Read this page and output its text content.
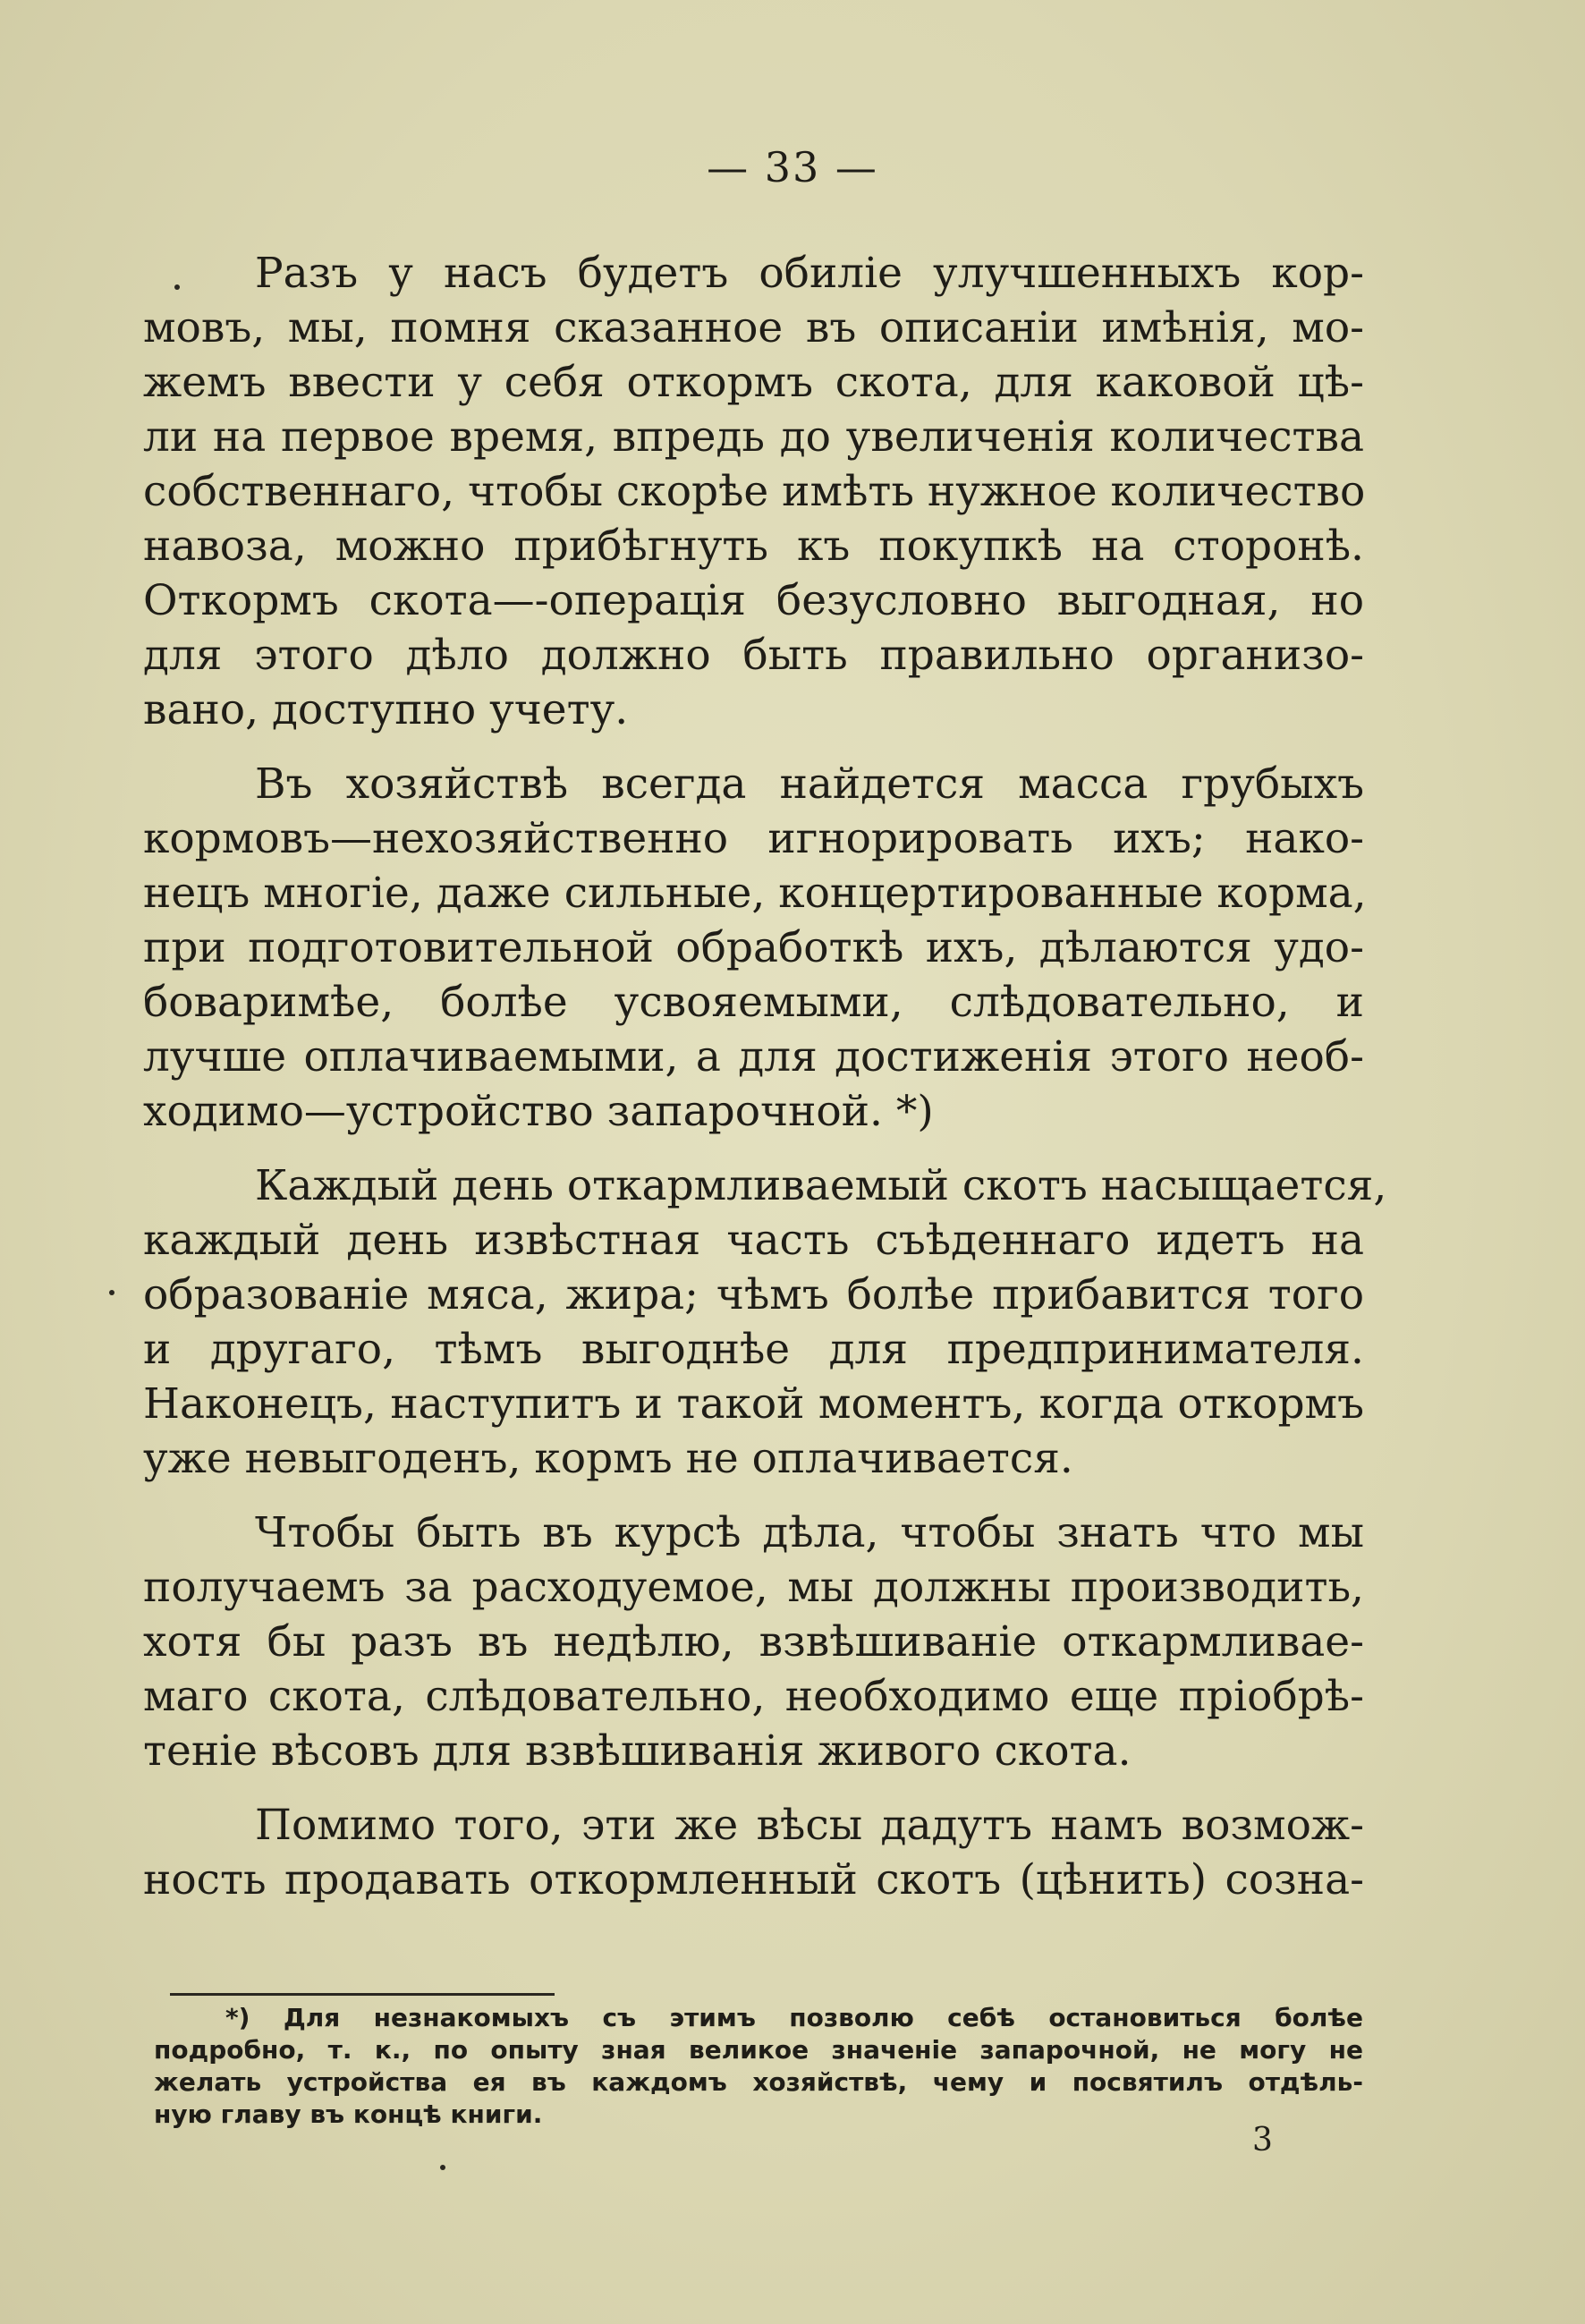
— 33 —
Разъ у насъ будетъ обиліе улучшенныхъ кор-
мовъ, мы, помня сказанное въ описаніи имѣнія, мо-
жемъ ввести у себя откормъ скота, для каковой цѣ-
ли на первое время, впредь до увеличенія количества
собственнаго, чтобы скорѣе имѣть нужное количество
навоза, можно прибѣгнуть къ покупкѣ на сторонѣ.
Откормъ скота—-операція безусловно выгодная, но
для этого дѣло должно быть правильно организо-
вано, доступно учету.
Въ хозяйствѣ всегда найдется масса грубыхъ
кормовъ—нехозяйственно игнорировать ихъ; нако-
нецъ многіе, даже сильные, концертированные корма,
при подготовительной обработкѣ ихъ, дѣлаются удо-
боваримѣе, болѣе усвояемыми, слѣдовательно, и
лучше оплачиваемыми, а для достиженія этого необ-
ходимо—устройство запарочной. *)
Каждый день откармливаемый скотъ насыщается,
каждый день извѣстная часть съѣденнаго идетъ на
образованіе мяса, жира; чѣмъ болѣе прибавится того
и другаго, тѣмъ выгоднѣе для предпринимателя.
Наконецъ, наступитъ и такой моментъ, когда откормъ
уже невыгоденъ, кормъ не оплачивается.
Чтобы быть въ курсѣ дѣла, чтобы знать что мы
получаемъ за расходуемое, мы должны производить,
хотя бы разъ въ недѣлю, взвѣшиваніе откармливае-
маго скота, слѣдовательно, необходимо еще пріобрѣ-
теніе вѣсовъ для взвѣшиванія живого скота.
Помимо того, эти же вѣсы дадутъ намъ возмож-
ность продавать откормленный скотъ (цѣнить) созна-
*) Для незнакомыхъ съ этимъ позволю себѣ остановиться болѣе
подробно, т. к., по опыту зная великое значеніе запарочной, не могу не
желать устройства ея въ каждомъ хозяйствѣ, чему и посвятилъ отдѣль-
ную главу въ концѣ книги.
3
